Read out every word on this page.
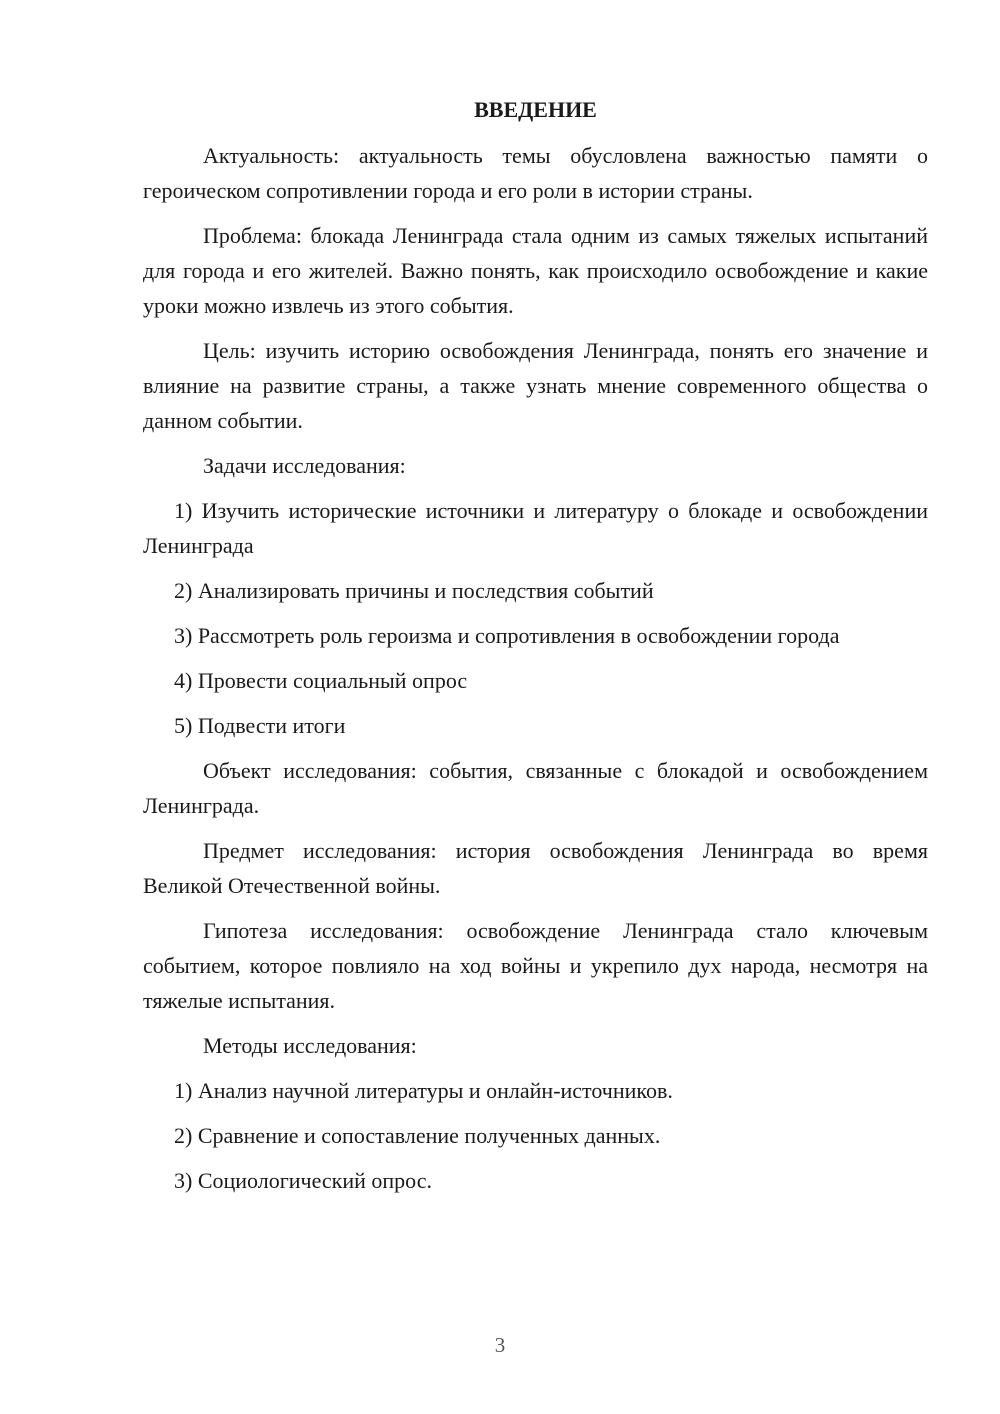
ВВЕДЕНИЕ

Актуальность: актуальность темы обусловлена важностью памяти о героическом сопротивлении города и его роли в истории страны.

Проблема: блокада Ленинграда стала одним из самых тяжелых испытаний для города и его жителей. Важно понять, как происходило освобождение и какие уроки можно извлечь из этого события.

Цель: изучить историю освобождения Ленинграда, понять его значение и влияние на развитие страны, а также узнать мнение современного общества о данном событии.

Задачи исследования:

1) Изучить исторические источники и литературу о блокаде и освобождении Ленинграда

2) Анализировать причины и последствия событий

3) Рассмотреть роль героизма и сопротивления в освобождении города

4) Провести социальный опрос

5) Подвести итоги

Объект исследования: события, связанные с блокадой и освобождением Ленинграда.

Предмет исследования: история освобождения Ленинграда во время Великой Отечественной войны.

Гипотеза исследования: освобождение Ленинграда стало ключевым событием, которое повлияло на ход войны и укрепило дух народа, несмотря на тяжелые испытания.

Методы исследования:

1) Анализ научной литературы и онлайн-источников.

2) Сравнение и сопоставление полученных данных.

3) Социологический опрос.

3
